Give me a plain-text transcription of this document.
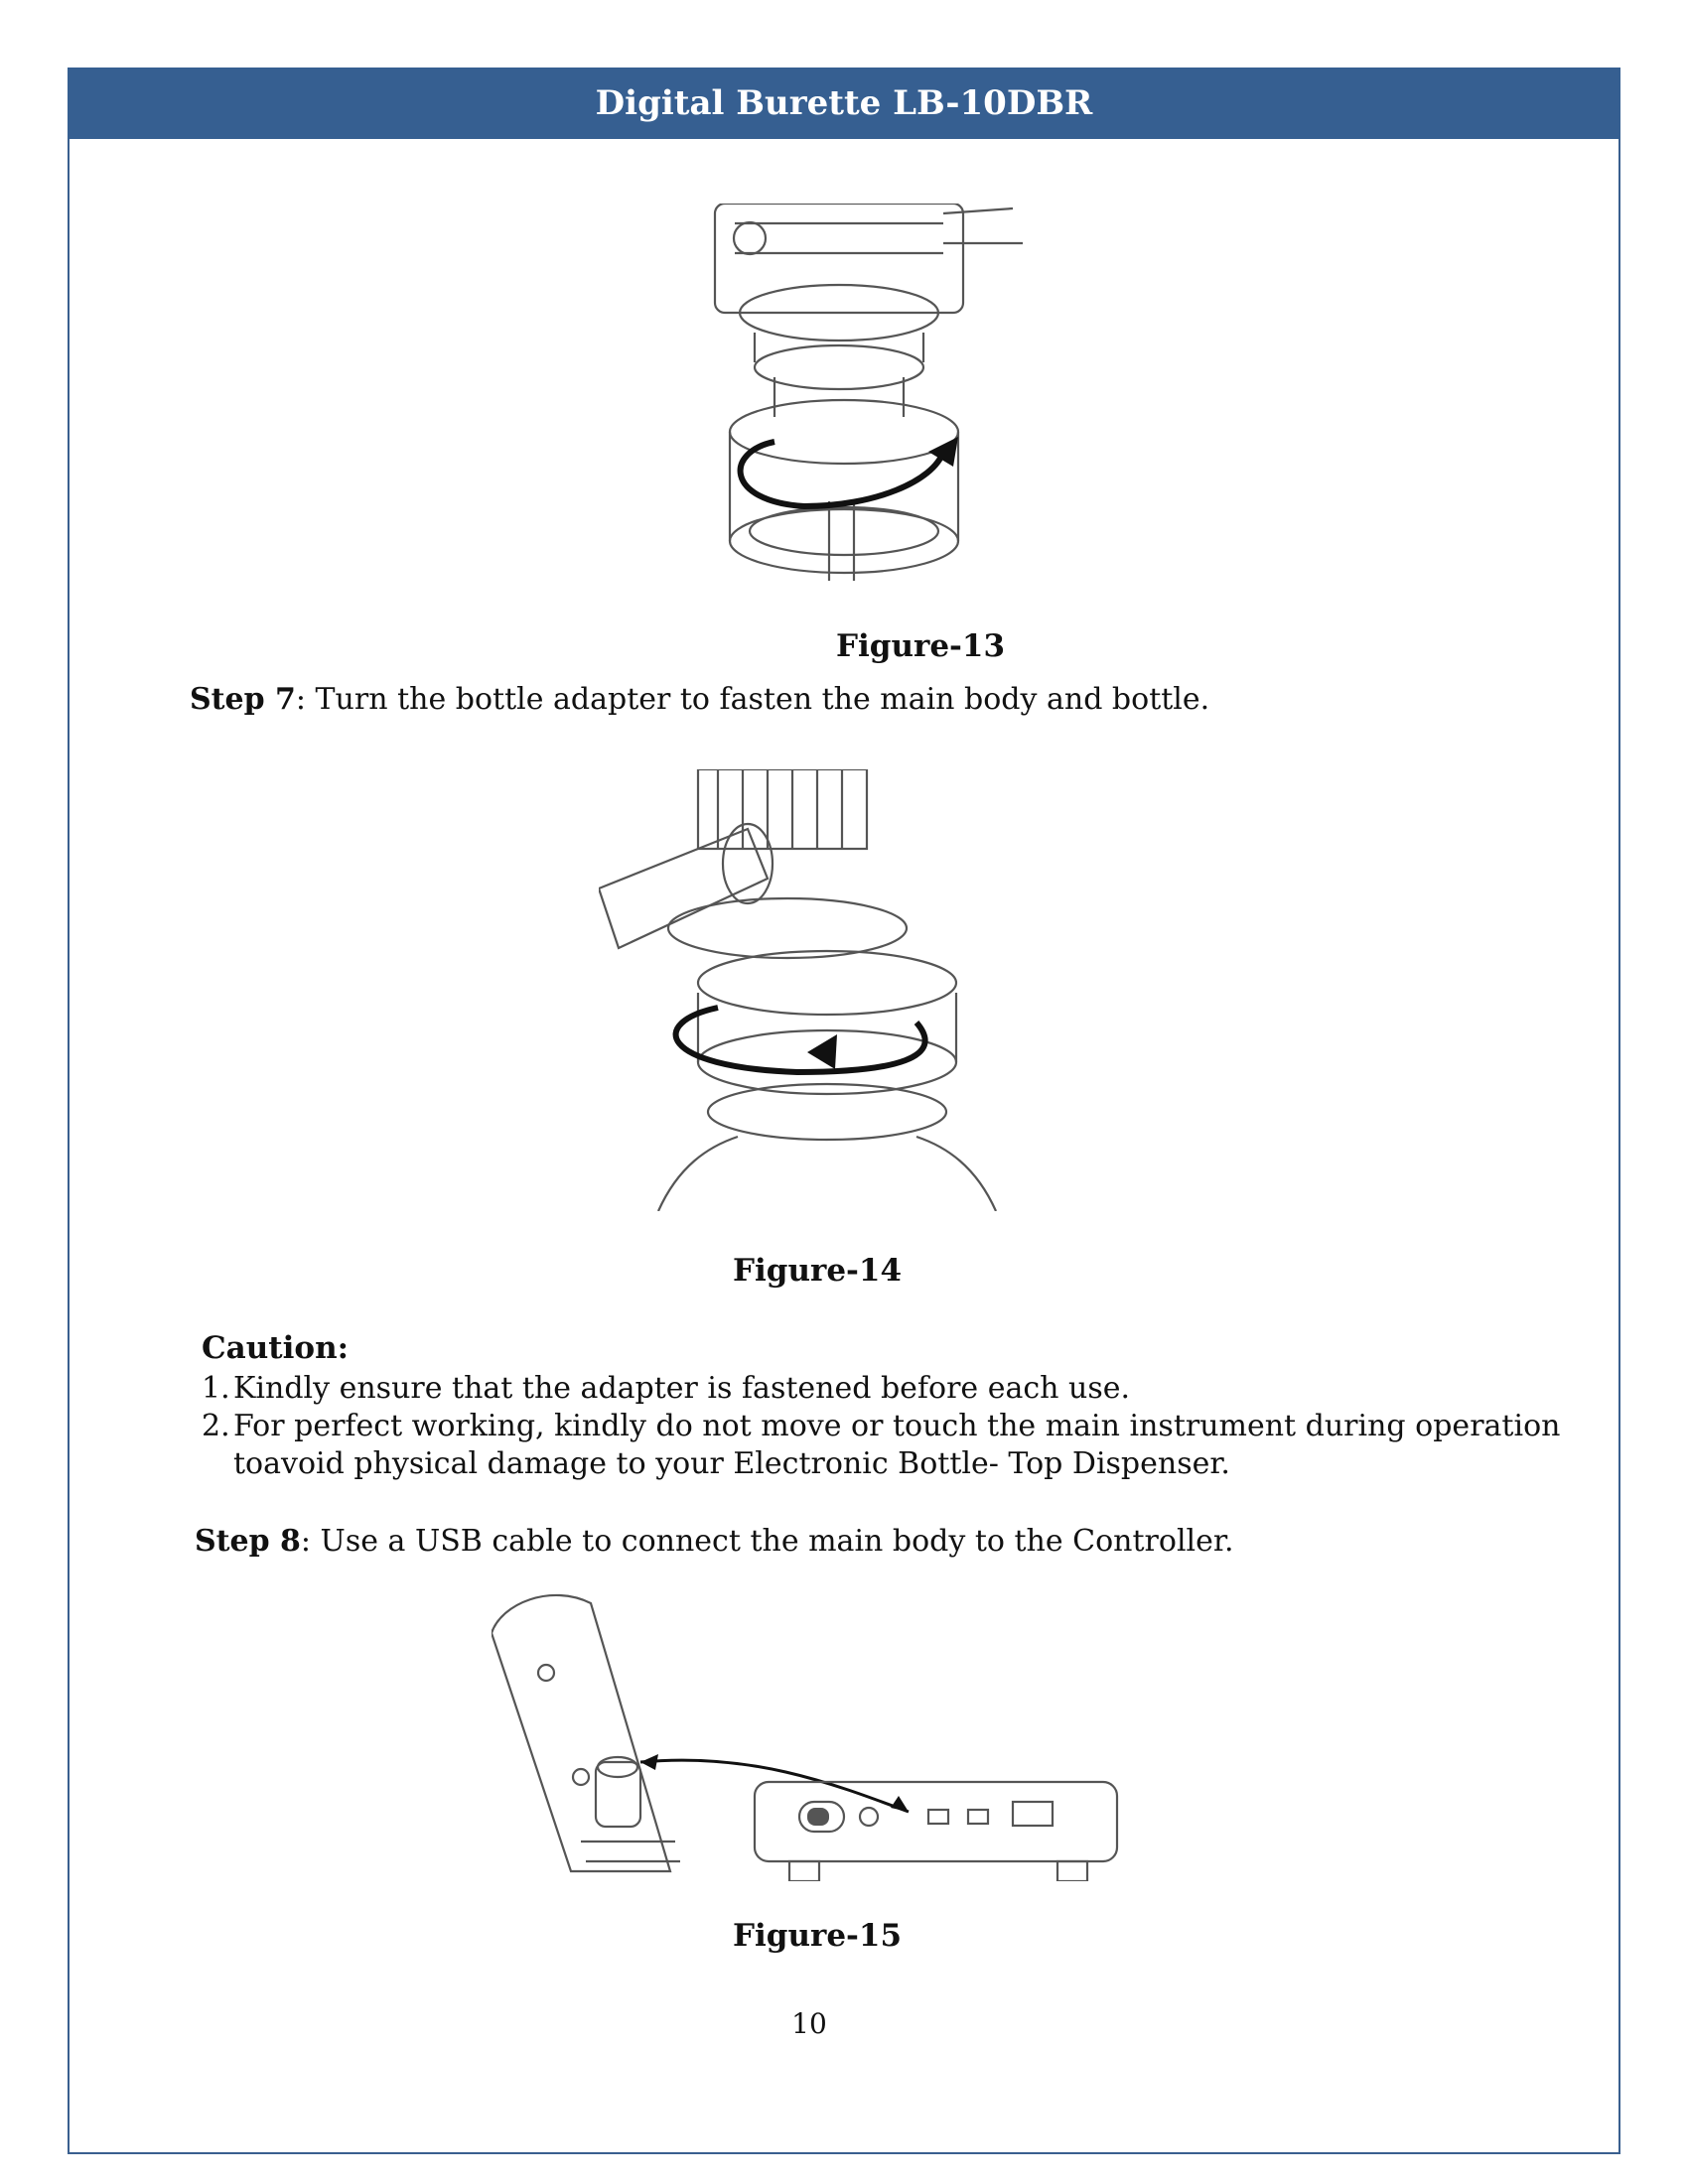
Digital Burette LB-10DBR
Figure-13
Step 7: Turn the bottle adapter to fasten the main body and bottle.
Figure-14
Caution:
1. Kindly ensure that the adapter is fastened before each use.
2. For perfect working, kindly do not move or touch the main instrument during operation
toavoid physical damage to your Electronic Bottle- Top Dispenser.
Step 8: Use a USB cable to connect the main body to the Controller.
Figure-15
10
